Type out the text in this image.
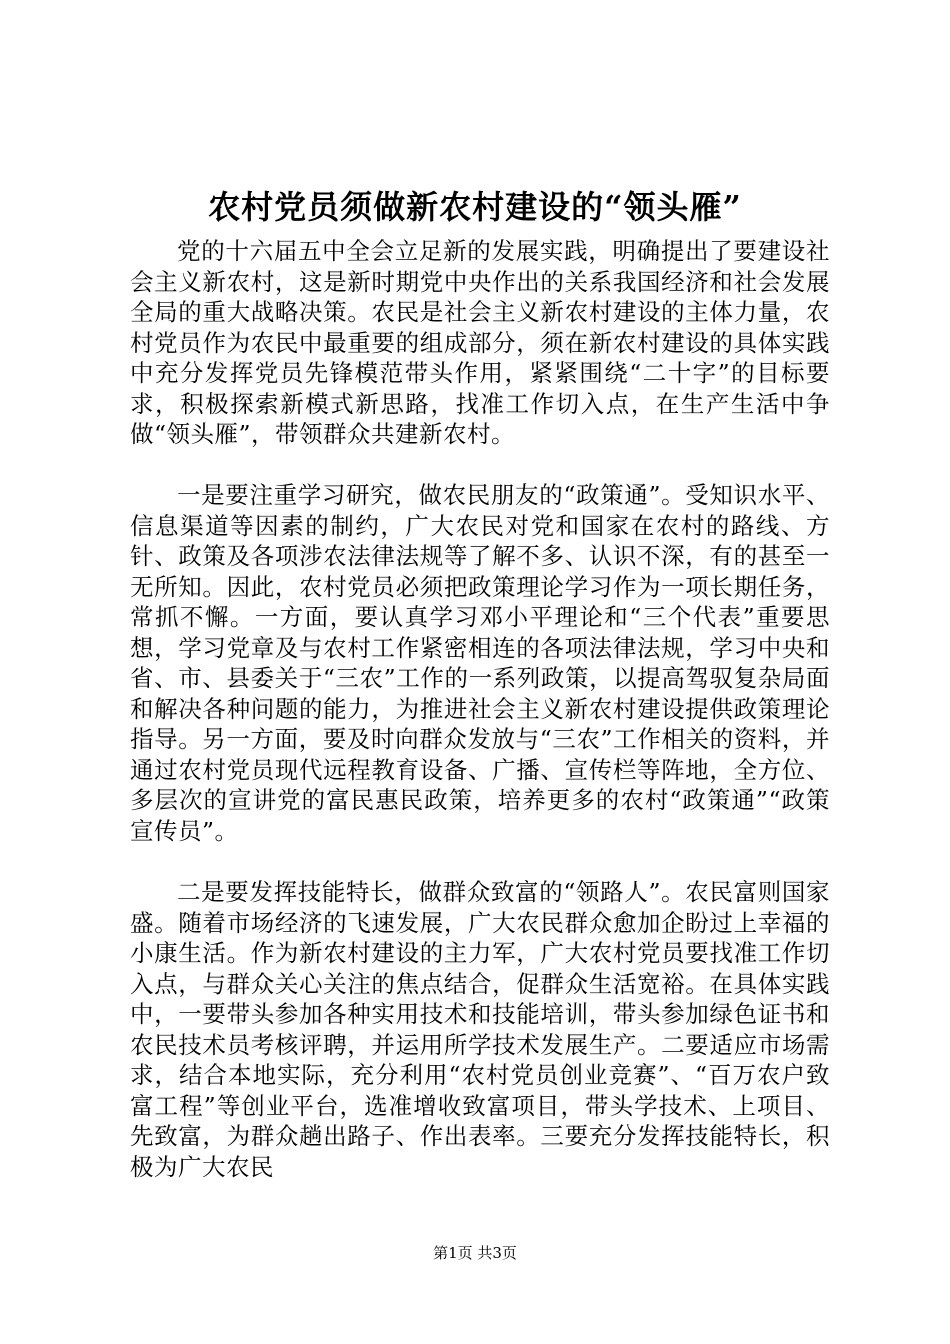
农村党员须做新农村建设的“领头雁”

党的十六届五中全会立足新的发展实践，明确提出了要建设社会主义新农村，这是新时期党中央作出的关系我国经济和社会发展全局的重大战略决策。农民是社会主义新农村建设的主体力量，农村党员作为农民中最重要的组成部分，须在新农村建设的具体实践中充分发挥党员先锋模范带头作用，紧紧围绕“二十字”的目标要求，积极探索新模式新思路，找准工作切入点，在生产生活中争做“领头雁”，带领群众共建新农村。

一是要注重学习研究，做农民朋友的“政策通”。受知识水平、信息渠道等因素的制约，广大农民对党和国家在农村的路线、方针、政策及各项涉农法律法规等了解不多、认识不深，有的甚至一无所知。因此，农村党员必须把政策理论学习作为一项长期任务，常抓不懈。一方面，要认真学习邓小平理论和“三个代表”重要思想，学习党章及与农村工作紧密相连的各项法律法规，学习中央和省、市、县委关于“三农”工作的一系列政策，以提高驾驭复杂局面和解决各种问题的能力，为推进社会主义新农村建设提供政策理论指导。另一方面，要及时向群众发放与“三农”工作相关的资料，并通过农村党员现代远程教育设备、广播、宣传栏等阵地，全方位、多层次的宣讲党的富民惠民政策，培养更多的农村“政策通”“政策宣传员”。

二是要发挥技能特长，做群众致富的“领路人”。农民富则国家盛。随着市场经济的飞速发展，广大农民群众愈加企盼过上幸福的小康生活。作为新农村建设的主力军，广大农村党员要找准工作切入点，与群众关心关注的焦点结合，促群众生活宽裕。在具体实践中，一要带头参加各种实用技术和技能培训，带头参加绿色证书和农民技术员考核评聘，并运用所学技术发展生产。二要适应市场需求，结合本地实际，充分利用“农村党员创业竞赛”、“百万农户致富工程”等创业平台，选准增收致富项目，带头学技术、上项目、先致富，为群众趟出路子、作出表率。三要充分发挥技能特长，积极为广大农民

第1页 共3页
